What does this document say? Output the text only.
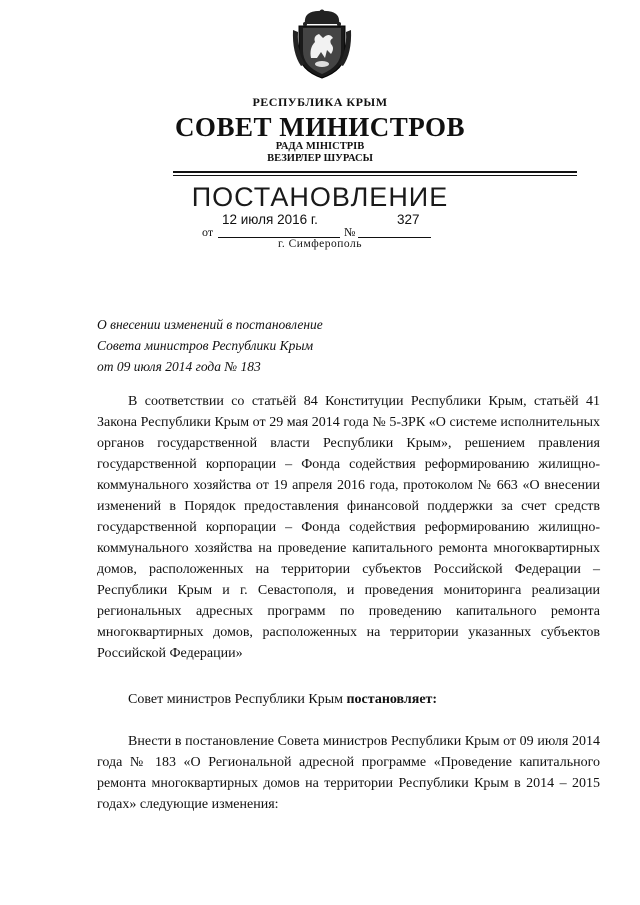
РЕСПУБЛИКА КРЫМ
СОВЕТ МИНИСТРОВ
РАДА МІНІСТРІВ
ВЕЗИРЛЕР ШУРАСЫ
ПОСТАНОВЛЕНИЕ
12 июля 2016 г.	327
от	№
г. Симферополь
О внесении изменений в постановление
Совета министров Республики Крым
от 09 июля 2014 года № 183
В соответствии со статьёй 84 Конституции Республики Крым, статьёй 41 Закона Республики Крым от 29 мая 2014 года № 5-ЗРК «О системе исполнительных органов государственной власти Республики Крым», решением правления государственной корпорации – Фонда содействия реформированию жилищно-коммунального хозяйства от 19 апреля 2016 года, протоколом № 663 «О внесении изменений в Порядок предоставления финансовой поддержки за счет средств государственной корпорации – Фонда содействия реформированию жилищно-коммунального хозяйства на проведение капитального ремонта многоквартирных домов, расположенных на территории субъектов Российской Федерации – Республики Крым и г. Севастополя, и проведения мониторинга реализации региональных адресных программ по проведению капитального ремонта многоквартирных домов, расположенных на территории указанных субъектов Российской Федерации»
Совет министров Республики Крым постановляет:
Внести в постановление Совета министров Республики Крым от 09 июля 2014 года № 183 «О Региональной адресной программе «Проведение капитального ремонта многоквартирных домов на территории Республики Крым в 2014 – 2015 годах» следующие изменения:
